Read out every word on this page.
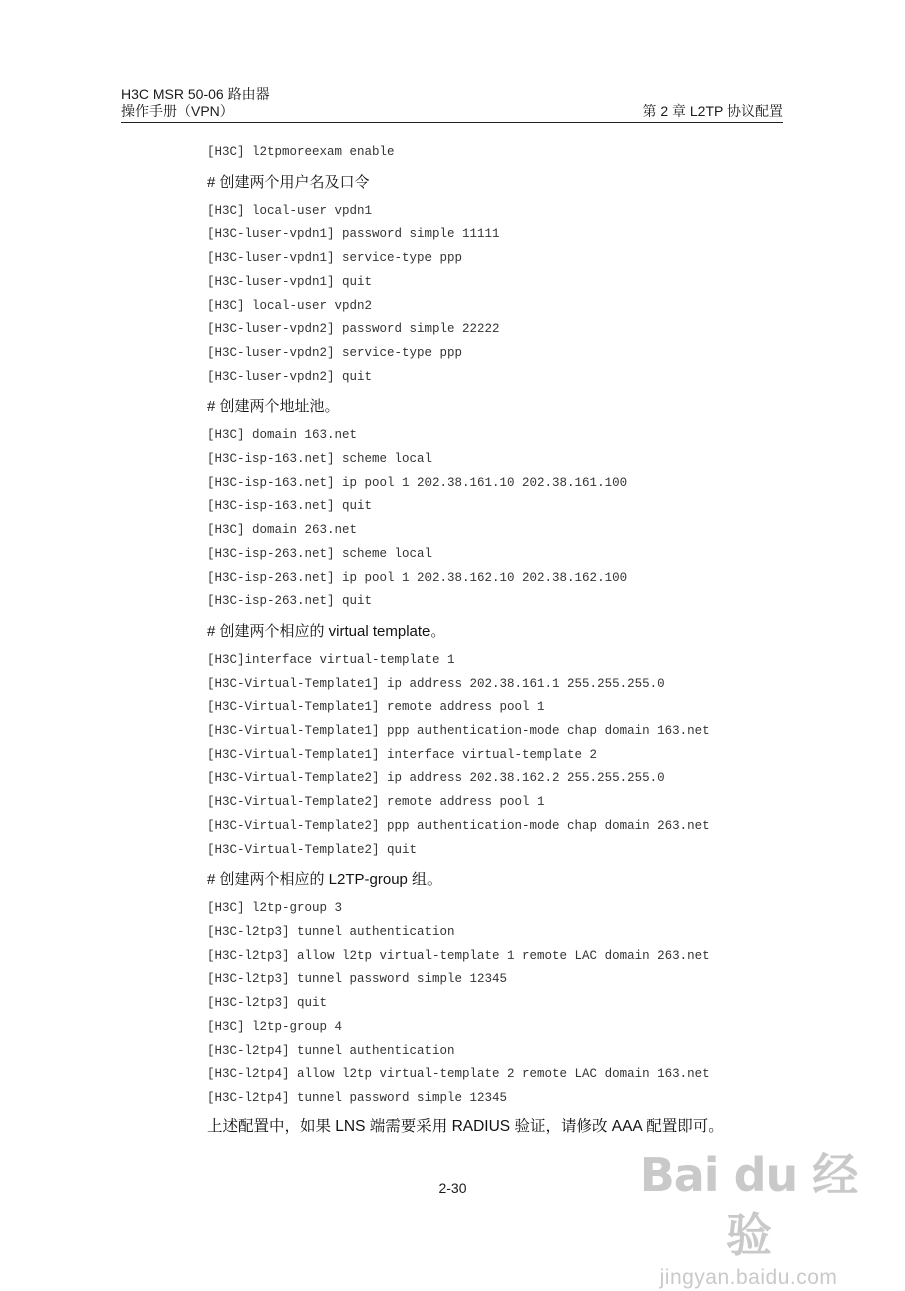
H3C MSR 50-06 路由器
操作手册（VPN）	第 2 章 L2TP 协议配置
[H3C] l2tpmoreexam enable
# 创建两个用户名及口令
[H3C] local-user vpdn1
[H3C-luser-vpdn1] password simple 11111
[H3C-luser-vpdn1] service-type ppp
[H3C-luser-vpdn1] quit
[H3C] local-user vpdn2
[H3C-luser-vpdn2] password simple 22222
[H3C-luser-vpdn2] service-type ppp
[H3C-luser-vpdn2] quit
# 创建两个地址池。
[H3C] domain 163.net
[H3C-isp-163.net] scheme local
[H3C-isp-163.net] ip pool 1 202.38.161.10 202.38.161.100
[H3C-isp-163.net] quit
[H3C] domain 263.net
[H3C-isp-263.net] scheme local
[H3C-isp-263.net] ip pool 1 202.38.162.10 202.38.162.100
[H3C-isp-263.net] quit
# 创建两个相应的 virtual template。
[H3C]interface virtual-template 1
[H3C-Virtual-Template1] ip address 202.38.161.1 255.255.255.0
[H3C-Virtual-Template1] remote address pool 1
[H3C-Virtual-Template1] ppp authentication-mode chap domain 163.net
[H3C-Virtual-Template1] interface virtual-template 2
[H3C-Virtual-Template2] ip address 202.38.162.2 255.255.255.0
[H3C-Virtual-Template2] remote address pool 1
[H3C-Virtual-Template2] ppp authentication-mode chap domain 263.net
[H3C-Virtual-Template2] quit
# 创建两个相应的 L2TP-group 组。
[H3C] l2tp-group 3
[H3C-l2tp3] tunnel authentication
[H3C-l2tp3] allow l2tp virtual-template 1 remote LAC domain 263.net
[H3C-l2tp3] tunnel password simple 12345
[H3C-l2tp3] quit
[H3C] l2tp-group 4
[H3C-l2tp4] tunnel authentication
[H3C-l2tp4] allow l2tp virtual-template 2 remote LAC domain 163.net
[H3C-l2tp4] tunnel password simple 12345
上述配置中，如果 LNS 端需要采用 RADIUS 验证，请修改 AAA 配置即可。
2-30	Bai du 经验
jingyan.baidu.com
